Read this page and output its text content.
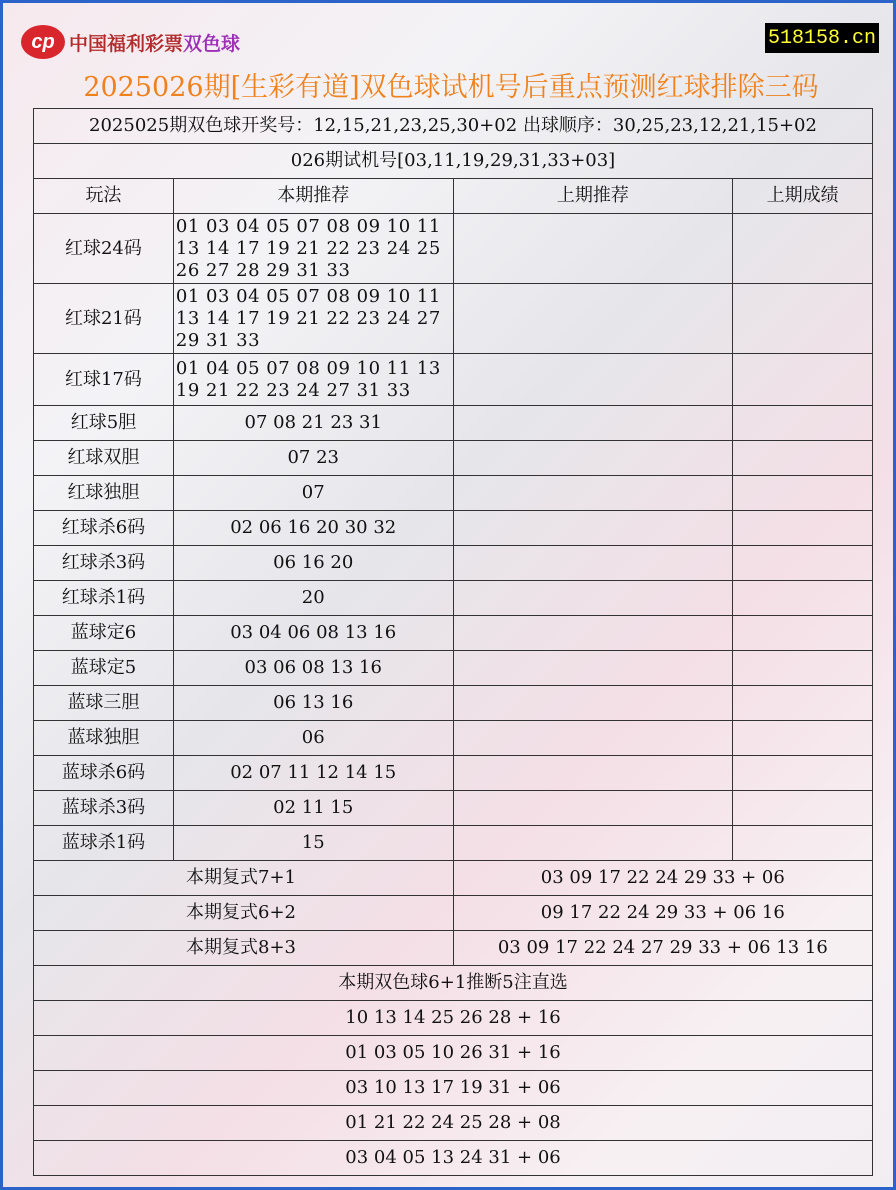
cp 中国福利彩票双色球	518158.cn
2025026期[生彩有道]双色球试机号后重点预测红球排除三码
2025025期双色球开奖号：12,15,21,23,25,30+02 出球顺序：30,25,23,12,21,15+02			
026期试机号[03,11,19,29,31,33+03]			
玩法	本期推荐	上期推荐	上期成绩
红球24码	01 03 04 05 07 08 09 10 11 13 14 17 19 21 22 23 24 25 26 27 28 29 31 33		
红球21码	01 03 04 05 07 08 09 10 11 13 14 17 19 21 22 23 24 27 29 31 33		
红球17码	01 04 05 07 08 09 10 11 13 19 21 22 23 24 27 31 33		
红球5胆	07 08 21 23 31		
红球双胆	07 23		
红球独胆	07		
红球杀6码	02 06 16 20 30 32		
红球杀3码	06 16 20		
红球杀1码	20		
蓝球定6	03 04 06 08 13 16		
蓝球定5	03 06 08 13 16		
蓝球三胆	06 13 16		
蓝球独胆	06		
蓝球杀6码	02 07 11 12 14 15		
蓝球杀3码	02 11 15		
蓝球杀1码	15		
本期复式7+1		03 09 17 22 24 29 33 + 06	
本期复式6+2		09 17 22 24 29 33 + 06 16	
本期复式8+3		03 09 17 22 24 27 29 33 + 06 13 16	
本期双色球6+1推断5注直选			
10 13 14 25 26 28 + 16			
01 03 05 10 26 31 + 16			
03 10 13 17 19 31 + 06			
01 21 22 24 25 28 + 08			
03 04 05 13 24 31 + 06			
